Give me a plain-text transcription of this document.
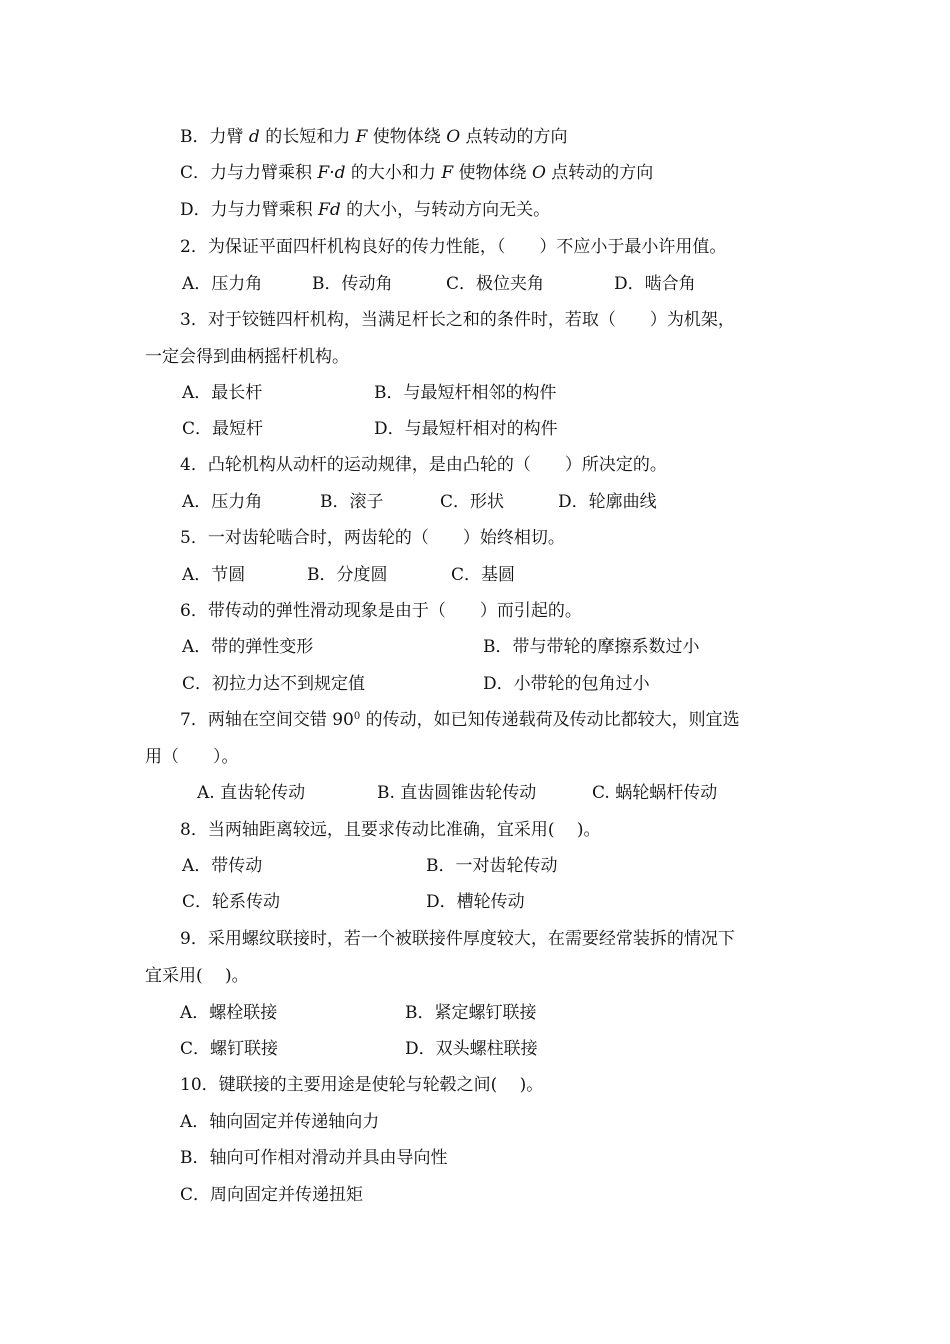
B．力臂 d 的长短和力 F 使物体绕 O 点转动的方向
C．力与力臂乘积 F·d 的大小和力 F 使物体绕 O 点转动的方向
D．力与力臂乘积 Fd 的大小，与转动方向无关。
2．为保证平面四杆机构良好的传力性能，（　　）不应小于最小许用值。
A．压力角	B．传动角	C．极位夹角	D．啮合角
3．对于铰链四杆机构，当满足杆长之和的条件时，若取（　　）为机架，
一定会得到曲柄摇杆机构。
A．最长杆	B．与最短杆相邻的构件
C．最短杆	D．与最短杆相对的构件
4．凸轮机构从动杆的运动规律，是由凸轮的（　　）所决定的。
A．压力角	B．滚子	C．形状	D．轮廓曲线
5．一对齿轮啮合时，两齿轮的（　　）始终相切。
A．节圆	B．分度圆	C．基圆
6．带传动的弹性滑动现象是由于（　　）而引起的。
A．带的弹性变形	B．带与带轮的摩擦系数过小
C．初拉力达不到规定值	D．小带轮的包角过小
7．两轴在空间交错 $90^0$ 的传动，如已知传递载荷及传动比都较大，则宜选
用（　　）。
A. 直齿轮传动	B. 直齿圆锥齿轮传动	C. 蜗轮蜗杆传动
8．当两轴距离较远，且要求传动比准确，宜采用(　 )。
A．带传动	B．一对齿轮传动
C．轮系传动	D．槽轮传动
9．采用螺纹联接时，若一个被联接件厚度较大，在需要经常装拆的情况下
宜采用(　 )。
A．螺栓联接	B．紧定螺钉联接
C．螺钉联接	D．双头螺柱联接
10．键联接的主要用途是使轮与轮毂之间(　 )。
A．轴向固定并传递轴向力
B．轴向可作相对滑动并具由导向性
C．周向固定并传递扭矩
